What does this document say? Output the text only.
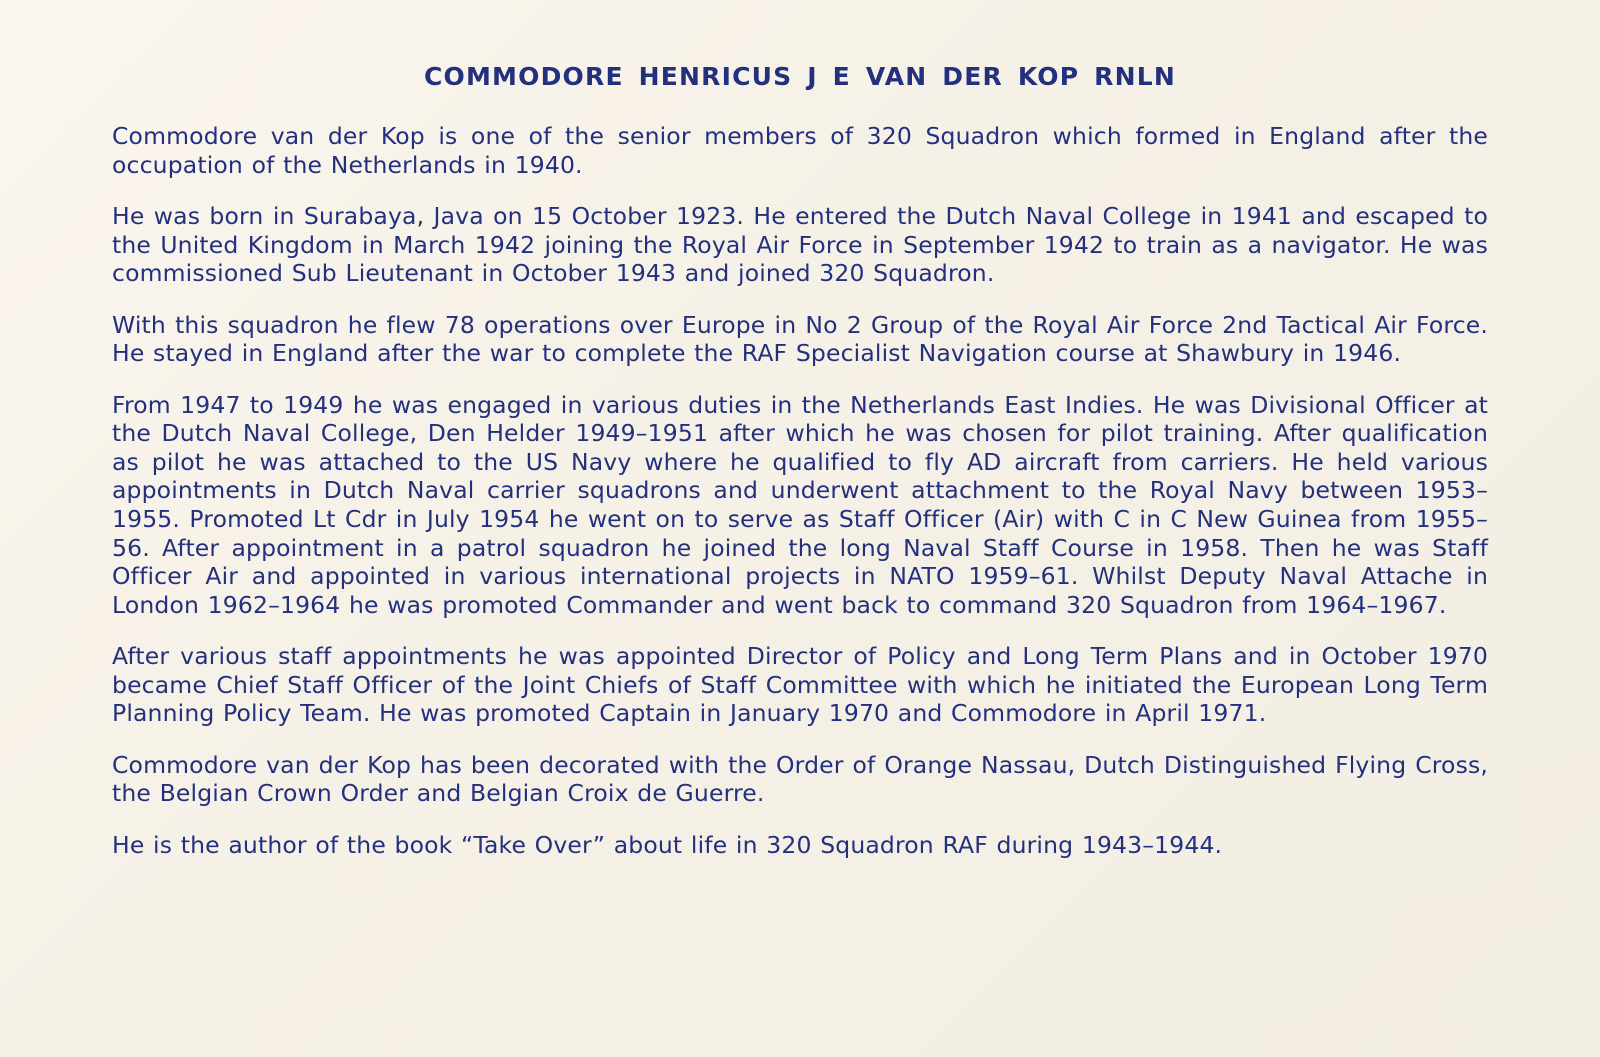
COMMODORE HENRICUS J E VAN DER KOP RNLN

Commodore van der Kop is one of the senior members of 320 Squadron which formed in England after the occupation of the Netherlands in 1940.

He was born in Surabaya, Java on 15 October 1923. He entered the Dutch Naval College in 1941 and escaped to the United Kingdom in March 1942 joining the Royal Air Force in September 1942 to train as a navigator. He was commissioned Sub Lieutenant in October 1943 and joined 320 Squadron.

With this squadron he flew 78 operations over Europe in No 2 Group of the Royal Air Force 2nd Tactical Air Force. He stayed in England after the war to complete the RAF Specialist Navigation course at Shawbury in 1946.

From 1947 to 1949 he was engaged in various duties in the Netherlands East Indies. He was Divisional Officer at the Dutch Naval College, Den Helder 1949–1951 after which he was chosen for pilot training. After qualification as pilot he was attached to the US Navy where he qualified to fly AD aircraft from carriers. He held various appointments in Dutch Naval carrier squadrons and underwent attachment to the Royal Navy between 1953–1955. Promoted Lt Cdr in July 1954 he went on to serve as Staff Officer (Air) with C in C New Guinea from 1955–56. After appointment in a patrol squadron he joined the long Naval Staff Course in 1958. Then he was Staff Officer Air and appointed in various international projects in NATO 1959–61. Whilst Deputy Naval Attache in London 1962–1964 he was promoted Commander and went back to command 320 Squadron from 1964–1967.

After various staff appointments he was appointed Director of Policy and Long Term Plans and in October 1970 became Chief Staff Officer of the Joint Chiefs of Staff Committee with which he initiated the European Long Term Planning Policy Team. He was promoted Captain in January 1970 and Commodore in April 1971.

Commodore van der Kop has been decorated with the Order of Orange Nassau, Dutch Distinguished Flying Cross, the Belgian Crown Order and Belgian Croix de Guerre.

He is the author of the book “Take Over” about life in 320 Squadron RAF during 1943–1944.
